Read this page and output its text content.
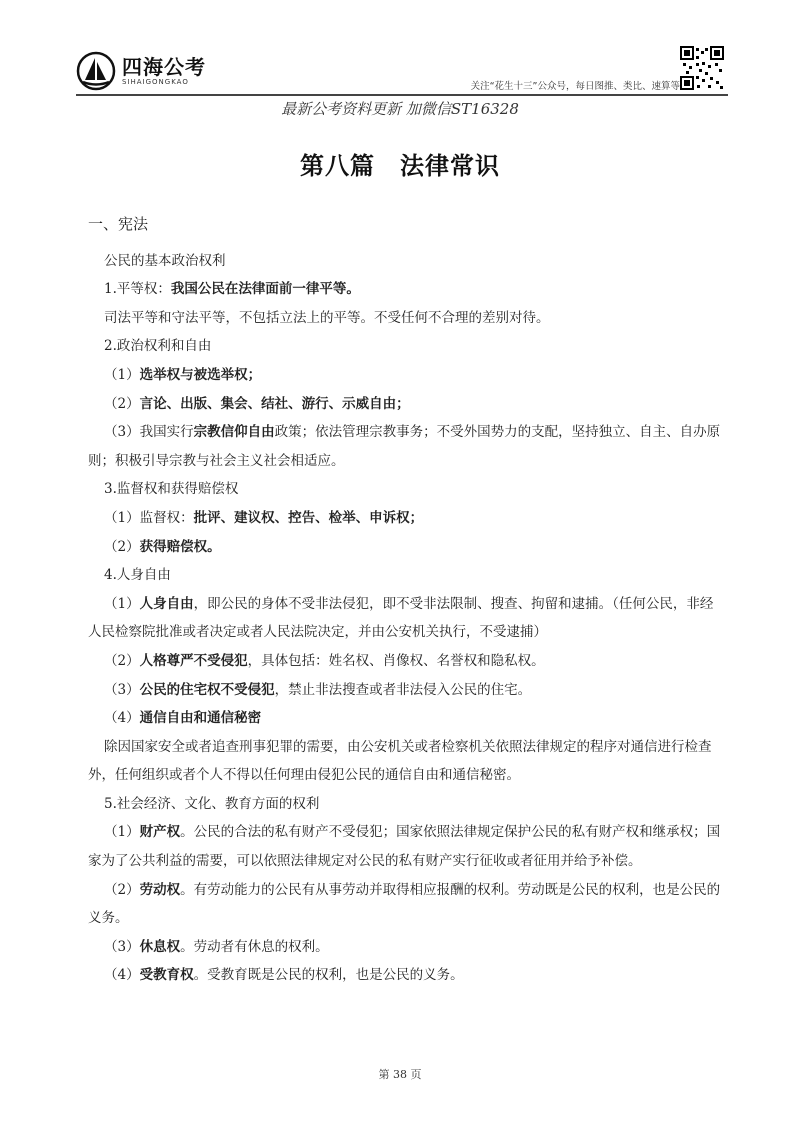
四海公考
SIHAIGONGKAO	关注“花生十三”公众号，每日图推、类比、速算等
最新公考资料更新 加微信ST16328
第八篇　法律常识
一、宪法

公民的基本政治权利

1.平等权：我国公民在法律面前一律平等。

司法平等和守法平等，不包括立法上的平等。不受任何不合理的差别对待。

2.政治权利和自由

（1）选举权与被选举权；

（2）言论、出版、集会、结社、游行、示威自由；

（3）我国实行宗教信仰自由政策；依法管理宗教事务；不受外国势力的支配，坚持独立、自主、自办原则；积极引导宗教与社会主义社会相适应。

3.监督权和获得赔偿权

（1）监督权：批评、建议权、控告、检举、申诉权；

（2）获得赔偿权。

4.人身自由

（1）人身自由，即公民的身体不受非法侵犯，即不受非法限制、搜查、拘留和逮捕。（任何公民，非经人民检察院批准或者决定或者人民法院决定，并由公安机关执行，不受逮捕）

（2）人格尊严不受侵犯，具体包括：姓名权、肖像权、名誉权和隐私权。

（3）公民的住宅权不受侵犯，禁止非法搜查或者非法侵入公民的住宅。

（4）通信自由和通信秘密

除因国家安全或者追查刑事犯罪的需要，由公安机关或者检察机关依照法律规定的程序对通信进行检查外，任何组织或者个人不得以任何理由侵犯公民的通信自由和通信秘密。

5.社会经济、文化、教育方面的权利

（1）财产权。公民的合法的私有财产不受侵犯；国家依照法律规定保护公民的私有财产权和继承权；国家为了公共利益的需要，可以依照法律规定对公民的私有财产实行征收或者征用并给予补偿。

（2）劳动权。有劳动能力的公民有从事劳动并取得相应报酬的权利。劳动既是公民的权利，也是公民的义务。

（3）休息权。劳动者有休息的权利。

（4）受教育权。受教育既是公民的权利，也是公民的义务。

第 38 页
